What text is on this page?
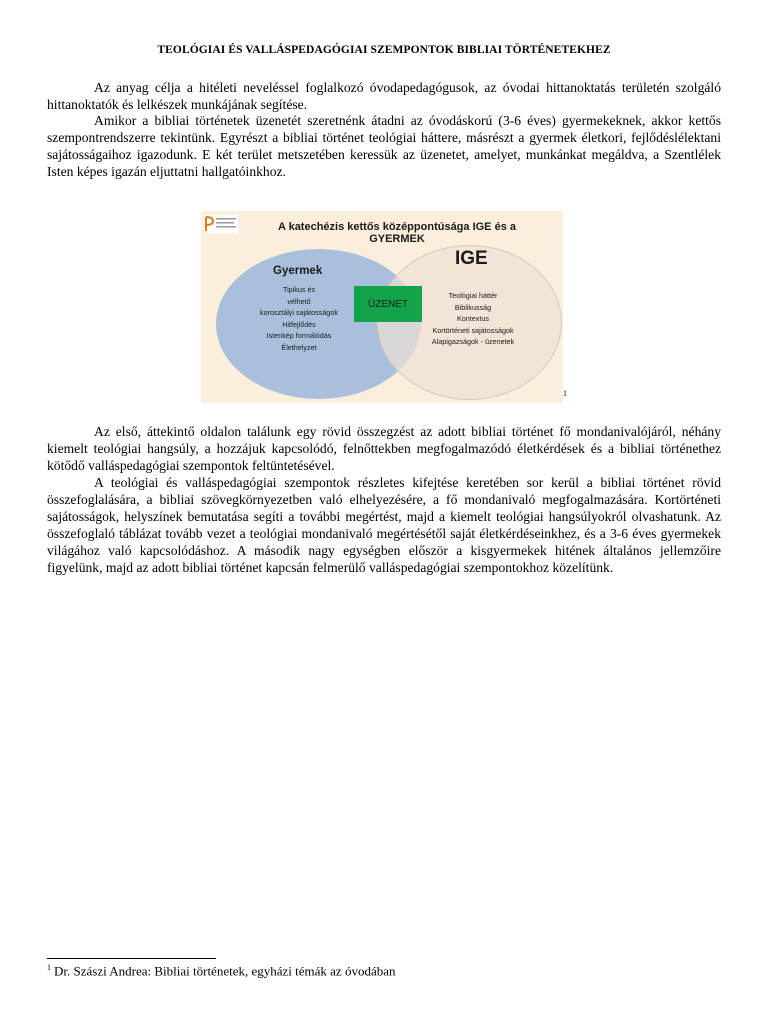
TEOLÓGIAI ÉS VALLÁSPEDAGÓGIAI SZEMPONTOK BIBLIAI TÖRTÉNETEKHEZ

Az anyag célja a hitéleti neveléssel foglalkozó óvodapedagógusok, az óvodai hittanoktatás területén szolgáló hittanoktatók és lelkészek munkájának segítése.

Amikor a bibliai történetek üzenetét szeretnénk átadni az óvodáskorú (3-6 éves) gyermekeknek, akkor kettős szempontrendszerre tekintünk. Egyrészt a bibliai történet teológiai háttere, másrészt a gyermek életkori, fejlődéslélektani sajátosságaihoz igazodunk. E két terület metszetében keressük az üzenetet, amelyet, munkánkat megáldva, a Szentlélek Isten képes igazán eljuttatni hallgatóinkhoz.

A katechézis kettős középpontúsága IGE és a
GYERMEK
Gyermek
IGE
Tipikus és
vélhető
korosztályi sajátosságok
Hitfejlődés
Istenkép formálódás
Élethelyzet
Teológiai háttér
Biblikusság
Kontextus
Kortörténeti sajátosságok
Alapigazságok - üzenetek
ÜZENET
1

Az első, áttekintő oldalon találunk egy rövid összegzést az adott bibliai történet fő mondanivalójáról, néhány kiemelt teológiai hangsúly, a hozzájuk kapcsolódó, felnőttekben megfogalmazódó életkérdések és a bibliai történethez kötődő valláspedagógiai szempontok feltüntetésével.

A teológiai és valláspedagógiai szempontok részletes kifejtése keretében sor kerül a bibliai történet rövid összefoglalására, a bibliai szövegkörnyezetben való elhelyezésére, a fő mondanivaló megfogalmazására. Kortörténeti sajátosságok, helyszínek bemutatása segíti a további megértést, majd a kiemelt teológiai hangsúlyokról olvashatunk. Az összefoglaló táblázat tovább vezet a teológiai mondanivaló megértésétől saját életkérdéseinkhez, és a 3-6 éves gyermekek világához való kapcsolódáshoz. A második nagy egységben először a kisgyermekek hitének általános jellemzőire figyelünk, majd az adott bibliai történet kapcsán felmerülő valláspedagógiai szempontokhoz közelítünk.

$^1$ Dr. Szászi Andrea: Bibliai történetek, egyházi témák az óvodában
